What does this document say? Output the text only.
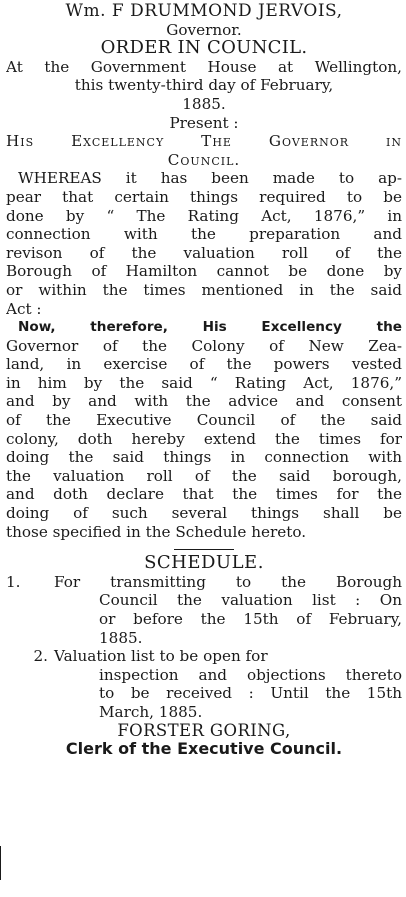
Wm. F DRUMMOND JERVOIS,
Governor.
ORDER IN COUNCIL.
At the Government House at Wellington,
this twenty-third day of February,
1885.
Present :
His Excellency The Governor in
Council.
WHEREAS it has been made to ap-
pear that certain things required to be
done by “ The Rating Act, 1876,” in
connection with the preparation and
revison of the valuation roll of the
Borough of Hamilton cannot be done by
or within the times mentioned in the said
Act :
Now, therefore, His Excellency the
Governor of the Colony of New Zea-
land, in exercise of the powers vested
in him by the said “ Rating Act, 1876,”
and by and with the advice and consent
of the Executive Council of the said
colony, doth hereby extend the times for
doing the said things in connection with
the valuation roll of the said borough,
and doth declare that the times for the
doing of such several things shall be
those specified in the Schedule hereto.
SCHEDULE.
1. For transmitting to the Borough
Council the valuation list : On
or before the 15th of February,
1885.
2. Valuation list to be open for
inspection and objections thereto
to be received : Until the 15th
March, 1885.
FORSTER GORING,
Clerk of the Executive Council.
